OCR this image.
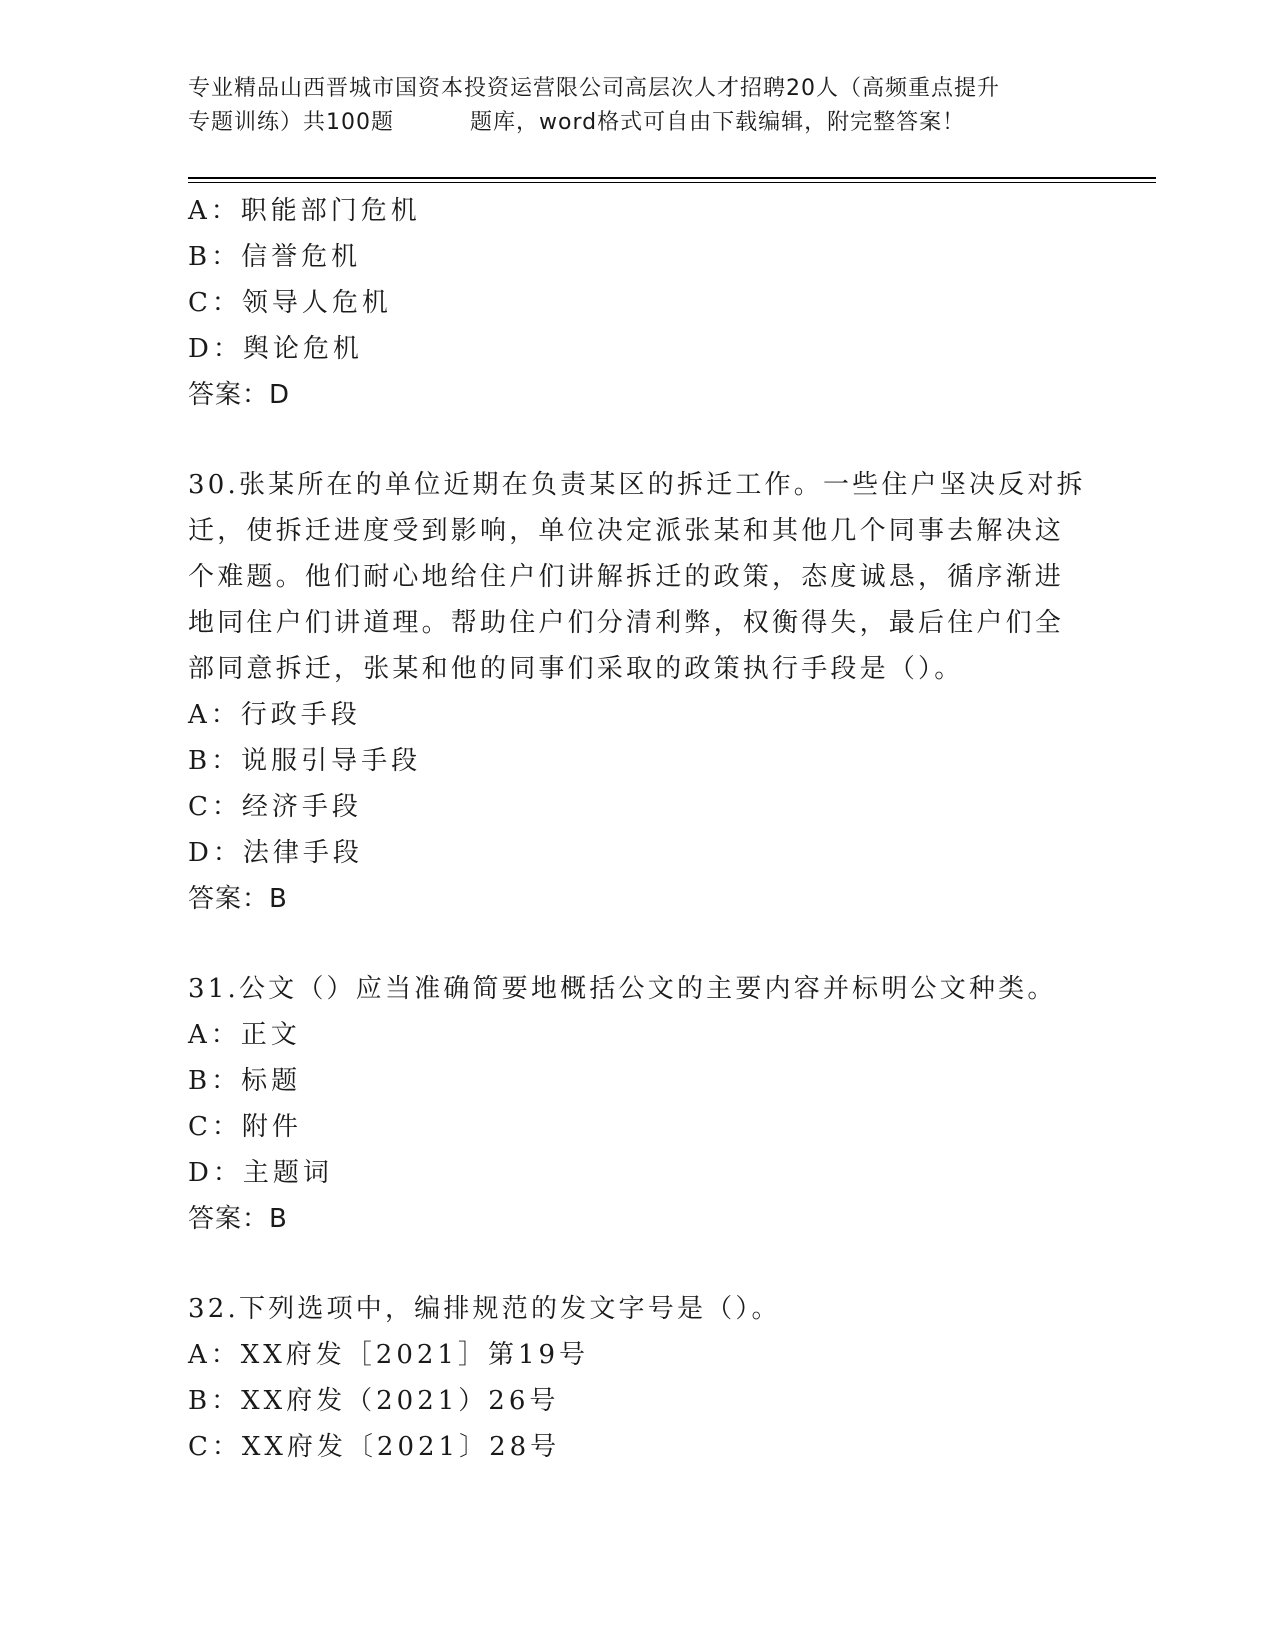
专业精品山西晋城市国资本投资运营限公司高层次人才招聘20人（高频重点提升
专题训练）共100题	题库，word格式可自由下载编辑，附完整答案！
A：职能部门危机
B：信誉危机
C：领导人危机
D：舆论危机
答案：D
30.张某所在的单位近期在负责某区的拆迁工作。一些住户坚决反对拆
迁，使拆迁进度受到影响，单位决定派张某和其他几个同事去解决这
个难题。他们耐心地给住户们讲解拆迁的政策，态度诚恳，循序渐进
地同住户们讲道理。帮助住户们分清利弊，权衡得失，最后住户们全
部同意拆迁，张某和他的同事们采取的政策执行手段是（）。
A：行政手段
B：说服引导手段
C：经济手段
D：法律手段
答案：B
31.公文（）应当准确简要地概括公文的主要内容并标明公文种类。
A：正文
B：标题
C：附件
D：主题词
答案：B
32.下列选项中，编排规范的发文字号是（）。
A：XX府发［2021］第19号
B：XX府发（2021）26号
C：XX府发〔2021〕28号
